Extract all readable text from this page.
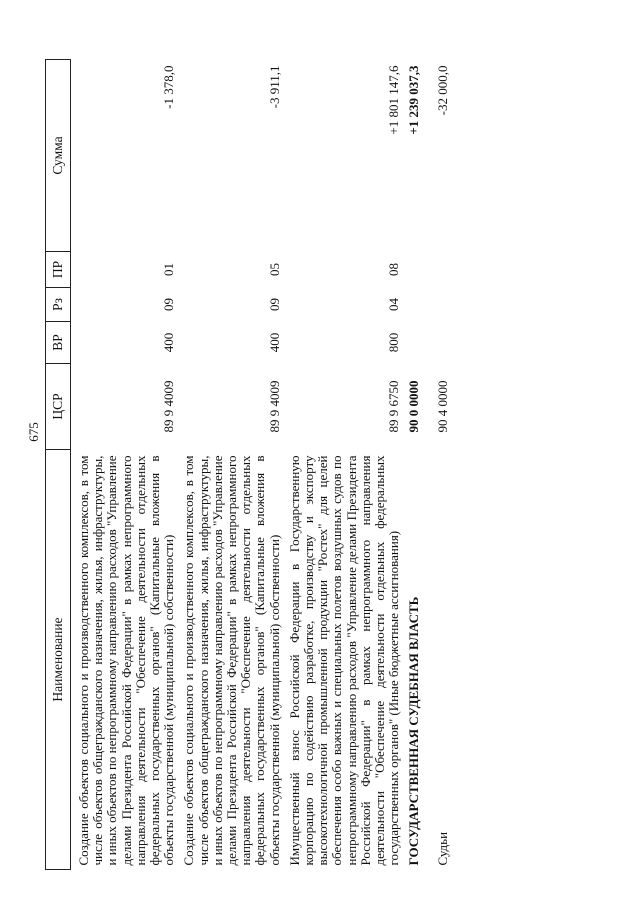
675
Наименование	ЦСР	ВР	Рз	ПР	Сумма
Создание объектов социального и производственного комплексов, в том числе объектов общегражданского назначения, жилья, инфраструктуры, и иных объектов по непрограммному направлению расходов "Управление делами Президента Российской Федерации" в рамках непрограммного направления деятельности "Обеспечение деятельности отдельных федеральных государственных органов" (Капитальные вложения в объекты государственной (муниципальной) собственности)	89 9 4009	400	09	01	-1 378,0
Создание объектов социального и производственного комплексов, в том числе объектов общегражданского назначения, жилья, инфраструктуры, и иных объектов по непрограммному направлению расходов "Управление делами Президента Российской Федерации" в рамках непрограммного направления деятельности "Обеспечение деятельности отдельных федеральных государственных органов" (Капитальные вложения в объекты государственной (муниципальной) собственности)	89 9 4009	400	09	05	-3 911,1
Имущественный взнос Российской Федерации в Государственную корпорацию по содействию разработке, производству и экспорту высокотехнологичной промышленной продукции "Ростех" для целей обеспечения особо важных и специальных полетов воздушных судов по непрограммному направлению расходов "Управление делами Президента Российской Федерации" в рамках непрограммного направления деятельности "Обеспечение деятельности отдельных федеральных государственных органов" (Иные бюджетные ассигнования)	89 9 6750	800	04	08	+1 801 147,6
ГОСУДАРСТВЕННАЯ СУДЕБНАЯ ВЛАСТЬ	90 0 0000				+1 239 037,3

Судьи	90 4 0000				-32 000,0
